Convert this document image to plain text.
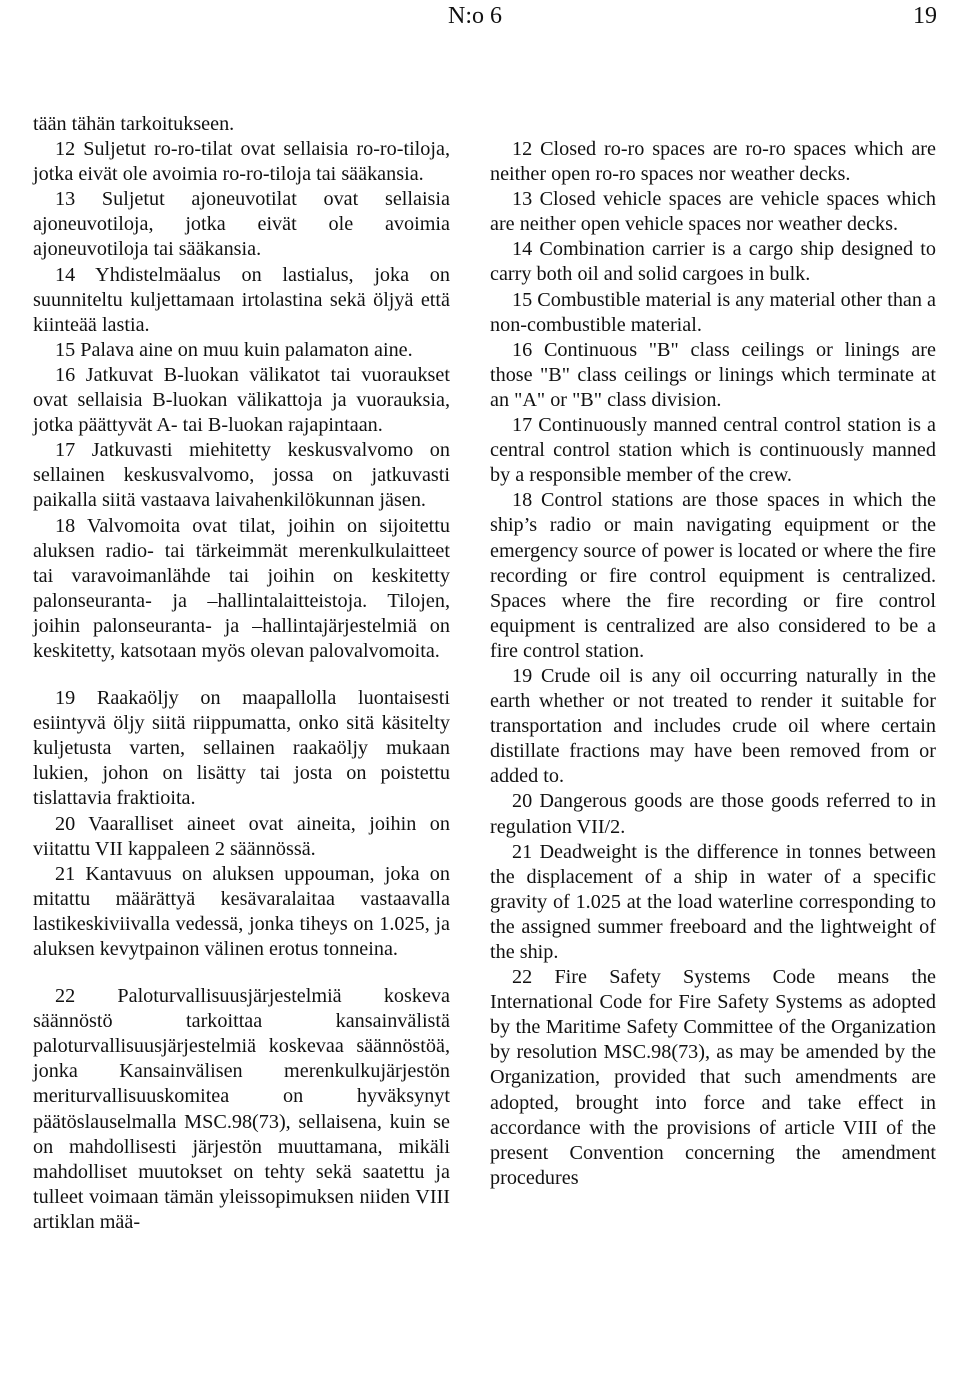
N:o 6	19

tään tähän tarkoitukseen.

12 Suljetut ro-ro-tilat ovat sellaisia ro-ro-tiloja, jotka eivät ole avoimia ro-ro-tiloja tai sääkansia.

13 Suljetut ajoneuvotilat ovat sellaisia ajoneuvotiloja, jotka eivät ole avoimia ajoneuvotiloja tai sääkansia.

14 Yhdistelmäalus on lastialus, joka on suunniteltu kuljettamaan irtolastina sekä öljyä että kiinteää lastia.

15 Palava aine on muu kuin palamaton aine.

16 Jatkuvat B-luokan välikatot tai vuoraukset ovat sellaisia B-luokan välikattoja ja vuorauksia, jotka päättyvät A- tai B-luokan rajapintaan.

17 Jatkuvasti miehitetty keskusvalvomo on sellainen keskusvalvomo, jossa on jatkuvasti paikalla siitä vastaava laivahenkilökunnan jäsen.

18 Valvomoita ovat tilat, joihin on sijoitettu aluksen radio- tai tärkeimmät merenkulkulaitteet tai varavoimanlähde tai joihin on keskitetty palonseuranta- ja –hallintalaitteistoja. Tilojen, joihin palonseuranta- ja –hallintajärjestelmiä on keskitetty, katsotaan myös olevan palovalvomoita.

19 Raakaöljy on maapallolla luontaisesti esiintyvä öljy siitä riippumatta, onko sitä käsitelty kuljetusta varten, sellainen raakaöljy mukaan lukien, johon on lisätty tai josta on poistettu tislattavia fraktioita.

20 Vaaralliset aineet ovat aineita, joihin on viitattu VII kappaleen 2 säännössä.

21 Kantavuus on aluksen uppouman, joka on mitattu määrättyä kesävaralaitaa vastaavalla lastikeskiviivalla vedessä, jonka tiheys on 1.025, ja aluksen kevytpainon välinen erotus tonneina.

22 Paloturvallisuusjärjestelmiä koskeva säännöstö tarkoittaa kansainvälistä paloturvallisuusjärjestelmiä koskevaa säännöstöä, jonka Kansainvälisen merenkulkujärjestön meriturvallisuuskomitea on hyväksynyt päätöslauselmalla MSC.98(73), sellaisena, kuin se on mahdollisesti järjestön muuttamana, mikäli mahdolliset muutokset on tehty sekä saatettu ja tulleet voimaan tämän yleissopimuksen niiden VIII artiklan mää-

12 Closed ro-ro spaces are ro-ro spaces which are neither open ro-ro spaces nor weather decks.

13 Closed vehicle spaces are vehicle spaces which are neither open vehicle spaces nor weather decks.

14 Combination carrier is a cargo ship designed to carry both oil and solid cargoes in bulk.

15 Combustible material is any material other than a non-combustible material.

16 Continuous "B" class ceilings or linings are those "B" class ceilings or linings which terminate at an "A" or "B" class division.

17 Continuously manned central control station is a central control station which is continuously manned by a responsible member of the crew.

18 Control stations are those spaces in which the ship’s radio or main navigating equipment or the emergency source of power is located or where the fire recording or fire control equipment is centralized. Spaces where the fire recording or fire control equipment is centralized are also considered to be a fire control station.

19 Crude oil is any oil occurring naturally in the earth whether or not treated to render it suitable for transportation and includes crude oil where certain distillate fractions may have been removed from or added to.

20 Dangerous goods are those goods referred to in regulation VII/2.

21 Deadweight is the difference in tonnes between the displacement of a ship in water of a specific gravity of 1.025 at the load waterline corresponding to the assigned summer freeboard and the lightweight of the ship.

22 Fire Safety Systems Code means the International Code for Fire Safety Systems as adopted by the Maritime Safety Committee of the Organization by resolution MSC.98(73), as may be amended by the Organization, provided that such amendments are adopted, brought into force and take effect in accordance with the provisions of article VIII of the present Convention concerning the amendment procedures
